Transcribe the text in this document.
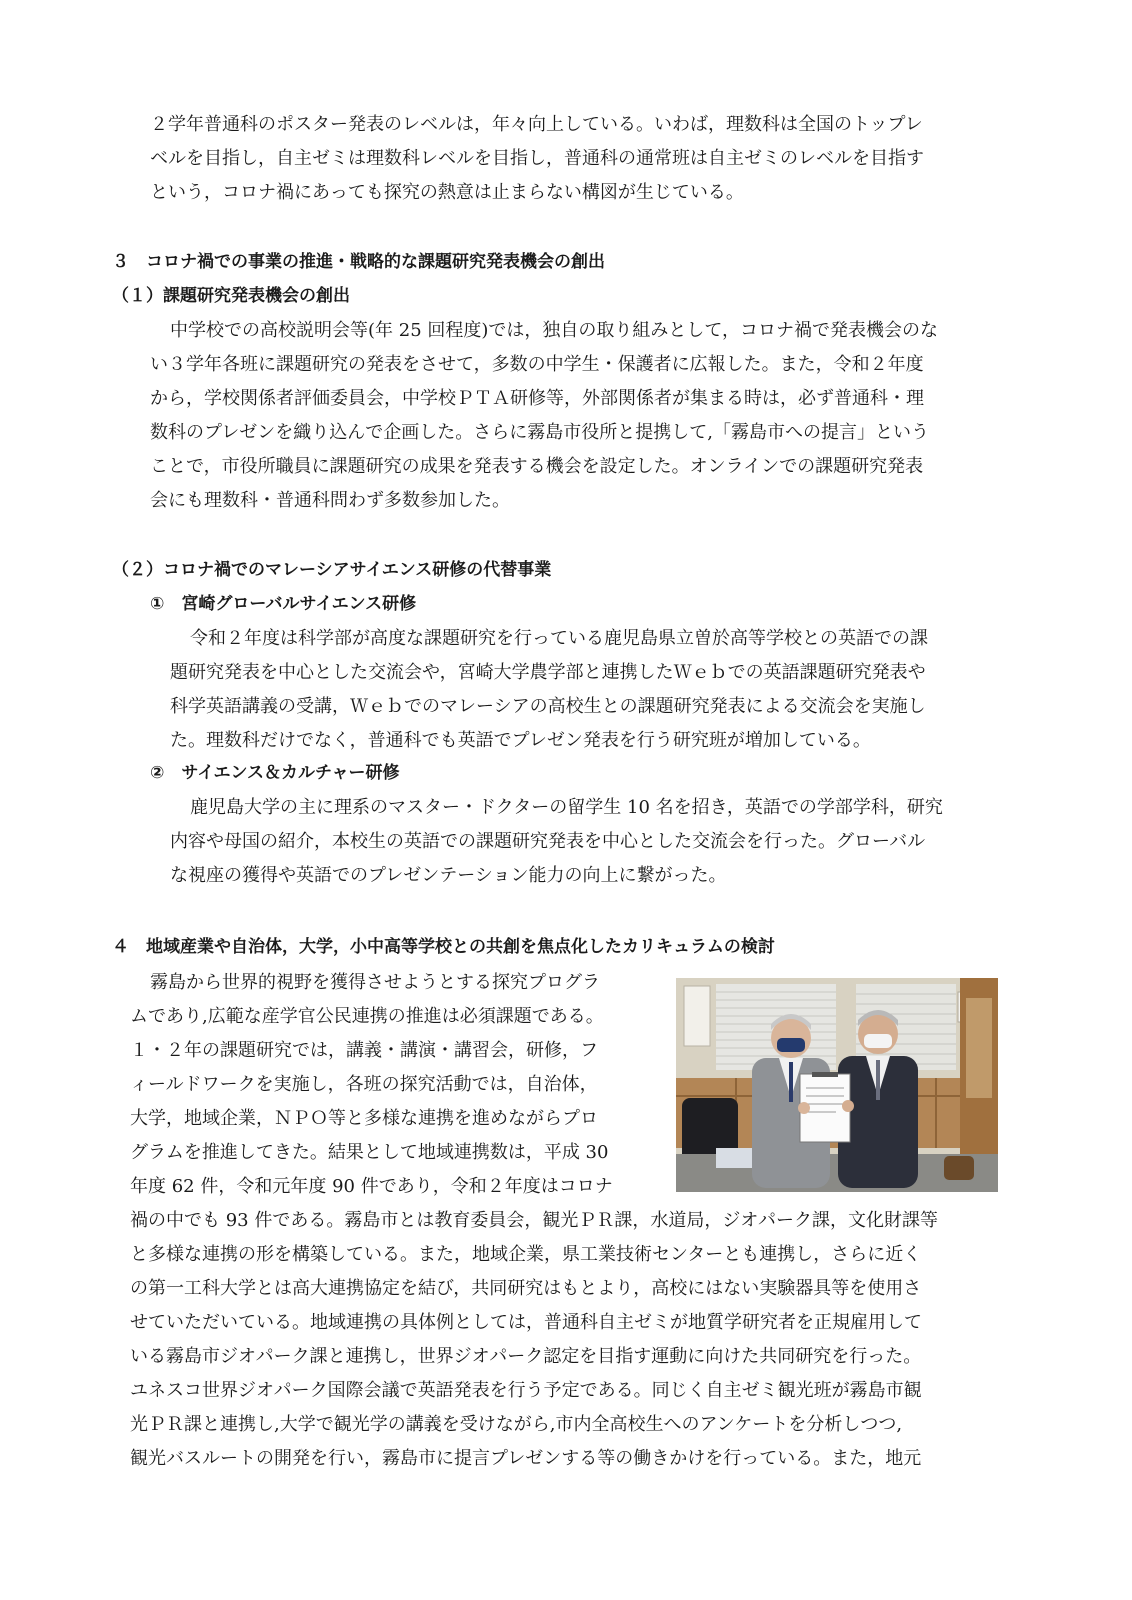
２学年普通科のポスター発表のレベルは，年々向上している。いわば，理数科は全国のトップレ
ベルを目指し，自主ゼミは理数科レベルを目指し，普通科の通常班は自主ゼミのレベルを目指す
という，コロナ禍にあっても探究の熱意は止まらない構図が生じている。
３　コロナ禍での事業の推進・戦略的な課題研究発表機会の創出
（１）課題研究発表機会の創出
中学校での高校説明会等(年 25 回程度)では，独自の取り組みとして，コロナ禍で発表機会のな
い３学年各班に課題研究の発表をさせて，多数の中学生・保護者に広報した。また，令和２年度
から，学校関係者評価委員会，中学校ＰＴＡ研修等，外部関係者が集まる時は，必ず普通科・理
数科のプレゼンを織り込んで企画した。さらに霧島市役所と提携して,「霧島市への提言」という
ことで，市役所職員に課題研究の成果を発表する機会を設定した。オンラインでの課題研究発表
会にも理数科・普通科問わず多数参加した。
（２）コロナ禍でのマレーシアサイエンス研修の代替事業
①　宮崎グローバルサイエンス研修
令和２年度は科学部が高度な課題研究を行っている鹿児島県立曽於高等学校との英語での課
題研究発表を中心とした交流会や，宮崎大学農学部と連携したＷｅｂでの英語課題研究発表や
科学英語講義の受講，Ｗｅｂでのマレーシアの高校生との課題研究発表による交流会を実施し
た。理数科だけでなく，普通科でも英語でプレゼン発表を行う研究班が増加している。
②　サイエンス＆カルチャー研修
鹿児島大学の主に理系のマスター・ドクターの留学生 10 名を招き，英語での学部学科，研究
内容や母国の紹介，本校生の英語での課題研究発表を中心とした交流会を行った。グローバル
な視座の獲得や英語でのプレゼンテーション能力の向上に繋がった。
４　地域産業や自治体，大学，小中高等学校との共創を焦点化したカリキュラムの検討
霧島から世界的視野を獲得させようとする探究プログラ
ムであり,広範な産学官公民連携の推進は必須課題である。
１・２年の課題研究では，講義・講演・講習会，研修，フ
ィールドワークを実施し，各班の探究活動では，自治体，
大学，地域企業，ＮＰＯ等と多様な連携を進めながらプロ
グラムを推進してきた。結果として地域連携数は，平成 30
年度 62 件，令和元年度 90 件であり，令和２年度はコロナ
禍の中でも 93 件である。霧島市とは教育委員会，観光ＰＲ課，水道局，ジオパーク課，文化財課等
と多様な連携の形を構築している。また，地域企業，県工業技術センターとも連携し，さらに近く
の第一工科大学とは高大連携協定を結び，共同研究はもとより，高校にはない実験器具等を使用さ
せていただいている。地域連携の具体例としては，普通科自主ゼミが地質学研究者を正規雇用して
いる霧島市ジオパーク課と連携し，世界ジオパーク認定を目指す運動に向けた共同研究を行った。
ユネスコ世界ジオパーク国際会議で英語発表を行う予定である。同じく自主ゼミ観光班が霧島市観
光ＰＲ課と連携し,大学で観光学の講義を受けながら,市内全高校生へのアンケートを分析しつつ,
観光バスルートの開発を行い，霧島市に提言プレゼンする等の働きかけを行っている。また，地元
